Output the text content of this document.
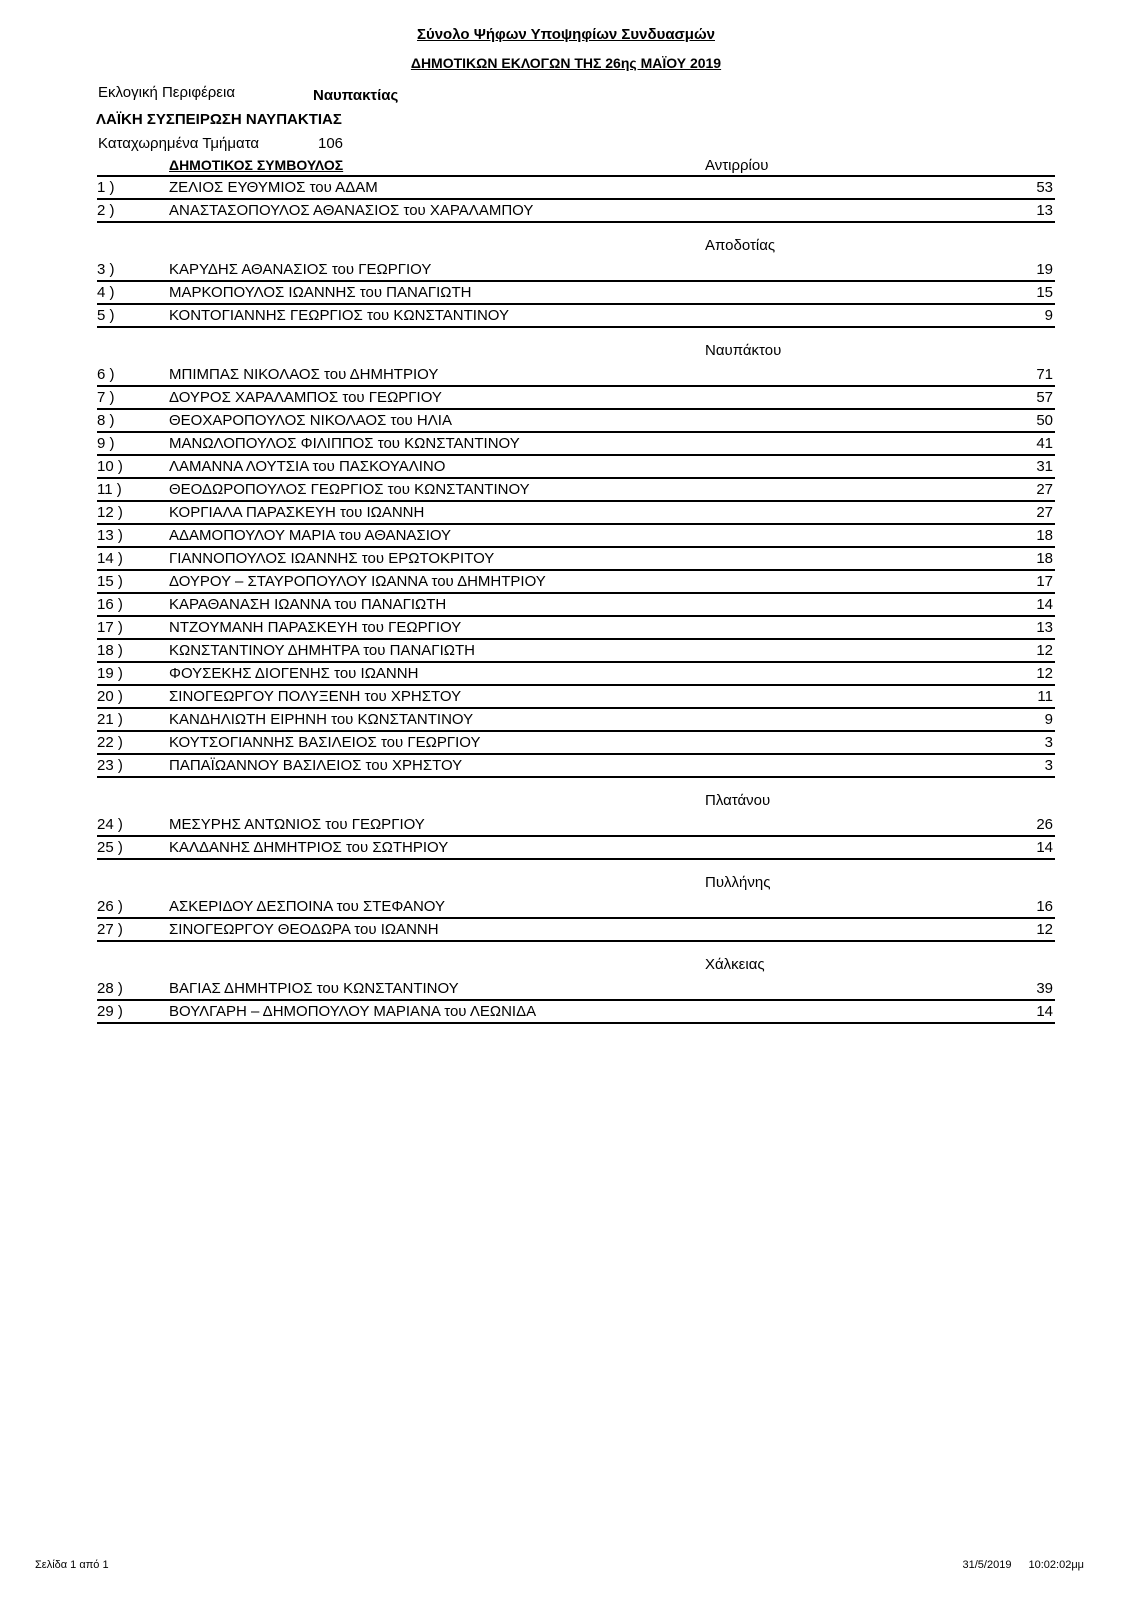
Σύνολο Ψήφων Υποψηφίων Συνδυασμών
ΔΗΜΟΤΙΚΩΝ ΕΚΛΟΓΩΝ ΤΗΣ 26ης ΜΑΪΟΥ 2019
Εκλογική Περιφέρεια	Ναυπακτίας
ΛΑΪΚΗ ΣΥΣΠΕΙΡΩΣΗ ΝΑΥΠΑΚΤΙΑΣ
Καταχωρημένα Τμήματα	106
ΔΗΜΟΤΙΚΟΣ ΣΥΜΒΟΥΛΟΣ	Αντιρρίου
1 )	ΖΕΛΙΟΣ ΕΥΘΥΜΙΟΣ του ΑΔΑΜ	53
2 )	ΑΝΑΣΤΑΣΟΠΟΥΛΟΣ ΑΘΑΝΑΣΙΟΣ του ΧΑΡΑΛΑΜΠΟΥ	13
Αποδοτίας
3 )	ΚΑΡΥΔΗΣ ΑΘΑΝΑΣΙΟΣ του ΓΕΩΡΓΙΟΥ	19
4 )	ΜΑΡΚΟΠΟΥΛΟΣ ΙΩΑΝΝΗΣ του ΠΑΝΑΓΙΩΤΗ	15
5 )	ΚΟΝΤΟΓΙΑΝΝΗΣ ΓΕΩΡΓΙΟΣ του ΚΩΝΣΤΑΝΤΙΝΟΥ	9
Ναυπάκτου
6 )	ΜΠΙΜΠΑΣ ΝΙΚΟΛΑΟΣ του ΔΗΜΗΤΡΙΟΥ	71
7 )	ΔΟΥΡΟΣ ΧΑΡΑΛΑΜΠΟΣ του ΓΕΩΡΓΙΟΥ	57
8 )	ΘΕΟΧΑΡΟΠΟΥΛΟΣ ΝΙΚΟΛΑΟΣ του ΗΛΙΑ	50
9 )	ΜΑΝΩΛΟΠΟΥΛΟΣ ΦΙΛΙΠΠΟΣ του ΚΩΝΣΤΑΝΤΙΝΟΥ	41
10 )	ΛΑΜΑΝΝΑ ΛΟΥΤΣΙΑ του ΠΑΣΚΟΥΑΛΙΝΟ	31
11 )	ΘΕΟΔΩΡΟΠΟΥΛΟΣ ΓΕΩΡΓΙΟΣ του ΚΩΝΣΤΑΝΤΙΝΟΥ	27
12 )	ΚΟΡΓΙΑΛΑ ΠΑΡΑΣΚΕΥΗ του ΙΩΑΝΝΗ	27
13 )	ΑΔΑΜΟΠΟΥΛΟΥ ΜΑΡΙΑ του ΑΘΑΝΑΣΙΟΥ	18
14 )	ΓΙΑΝΝΟΠΟΥΛΟΣ ΙΩΑΝΝΗΣ του ΕΡΩΤΟΚΡΙΤΟΥ	18
15 )	ΔΟΥΡΟΥ – ΣΤΑΥΡΟΠΟΥΛΟΥ ΙΩΑΝΝΑ του ΔΗΜΗΤΡΙΟΥ	17
16 )	ΚΑΡΑΘΑΝΑΣΗ ΙΩΑΝΝΑ του ΠΑΝΑΓΙΩΤΗ	14
17 )	ΝΤΖΟΥΜΑΝΗ ΠΑΡΑΣΚΕΥΗ του ΓΕΩΡΓΙΟΥ	13
18 )	ΚΩΝΣΤΑΝΤΙΝΟΥ ΔΗΜΗΤΡΑ του ΠΑΝΑΓΙΩΤΗ	12
19 )	ΦΟΥΣΕΚΗΣ ΔΙΟΓΕΝΗΣ του ΙΩΑΝΝΗ	12
20 )	ΣΙΝΟΓΕΩΡΓΟΥ ΠΟΛΥΞΕΝΗ του ΧΡΗΣΤΟΥ	11
21 )	ΚΑΝΔΗΛΙΩΤΗ ΕΙΡΗΝΗ του ΚΩΝΣΤΑΝΤΙΝΟΥ	9
22 )	ΚΟΥΤΣΟΓΙΑΝΝΗΣ ΒΑΣΙΛΕΙΟΣ του ΓΕΩΡΓΙΟΥ	3
23 )	ΠΑΠΑΪΩΑΝΝΟΥ ΒΑΣΙΛΕΙΟΣ του ΧΡΗΣΤΟΥ	3
Πλατάνου
24 )	ΜΕΣΥΡΗΣ ΑΝΤΩΝΙΟΣ του ΓΕΩΡΓΙΟΥ	26
25 )	ΚΑΛΔΑΝΗΣ ΔΗΜΗΤΡΙΟΣ του ΣΩΤΗΡΙΟΥ	14
Πυλλήνης
26 )	ΑΣΚΕΡΙΔΟΥ ΔΕΣΠΟΙΝΑ του ΣΤΕΦΑΝΟΥ	16
27 )	ΣΙΝΟΓΕΩΡΓΟΥ ΘΕΟΔΩΡΑ του ΙΩΑΝΝΗ	12
Χάλκειας
28 )	ΒΑΓΙΑΣ ΔΗΜΗΤΡΙΟΣ του ΚΩΝΣΤΑΝΤΙΝΟΥ	39
29 )	ΒΟΥΛΓΑΡΗ – ΔΗΜΟΠΟΥΛΟΥ ΜΑΡΙΑΝΑ του ΛΕΩΝΙΔΑ	14
Σελίδα 1 από 1	31/5/2019 10:02:02μμ
